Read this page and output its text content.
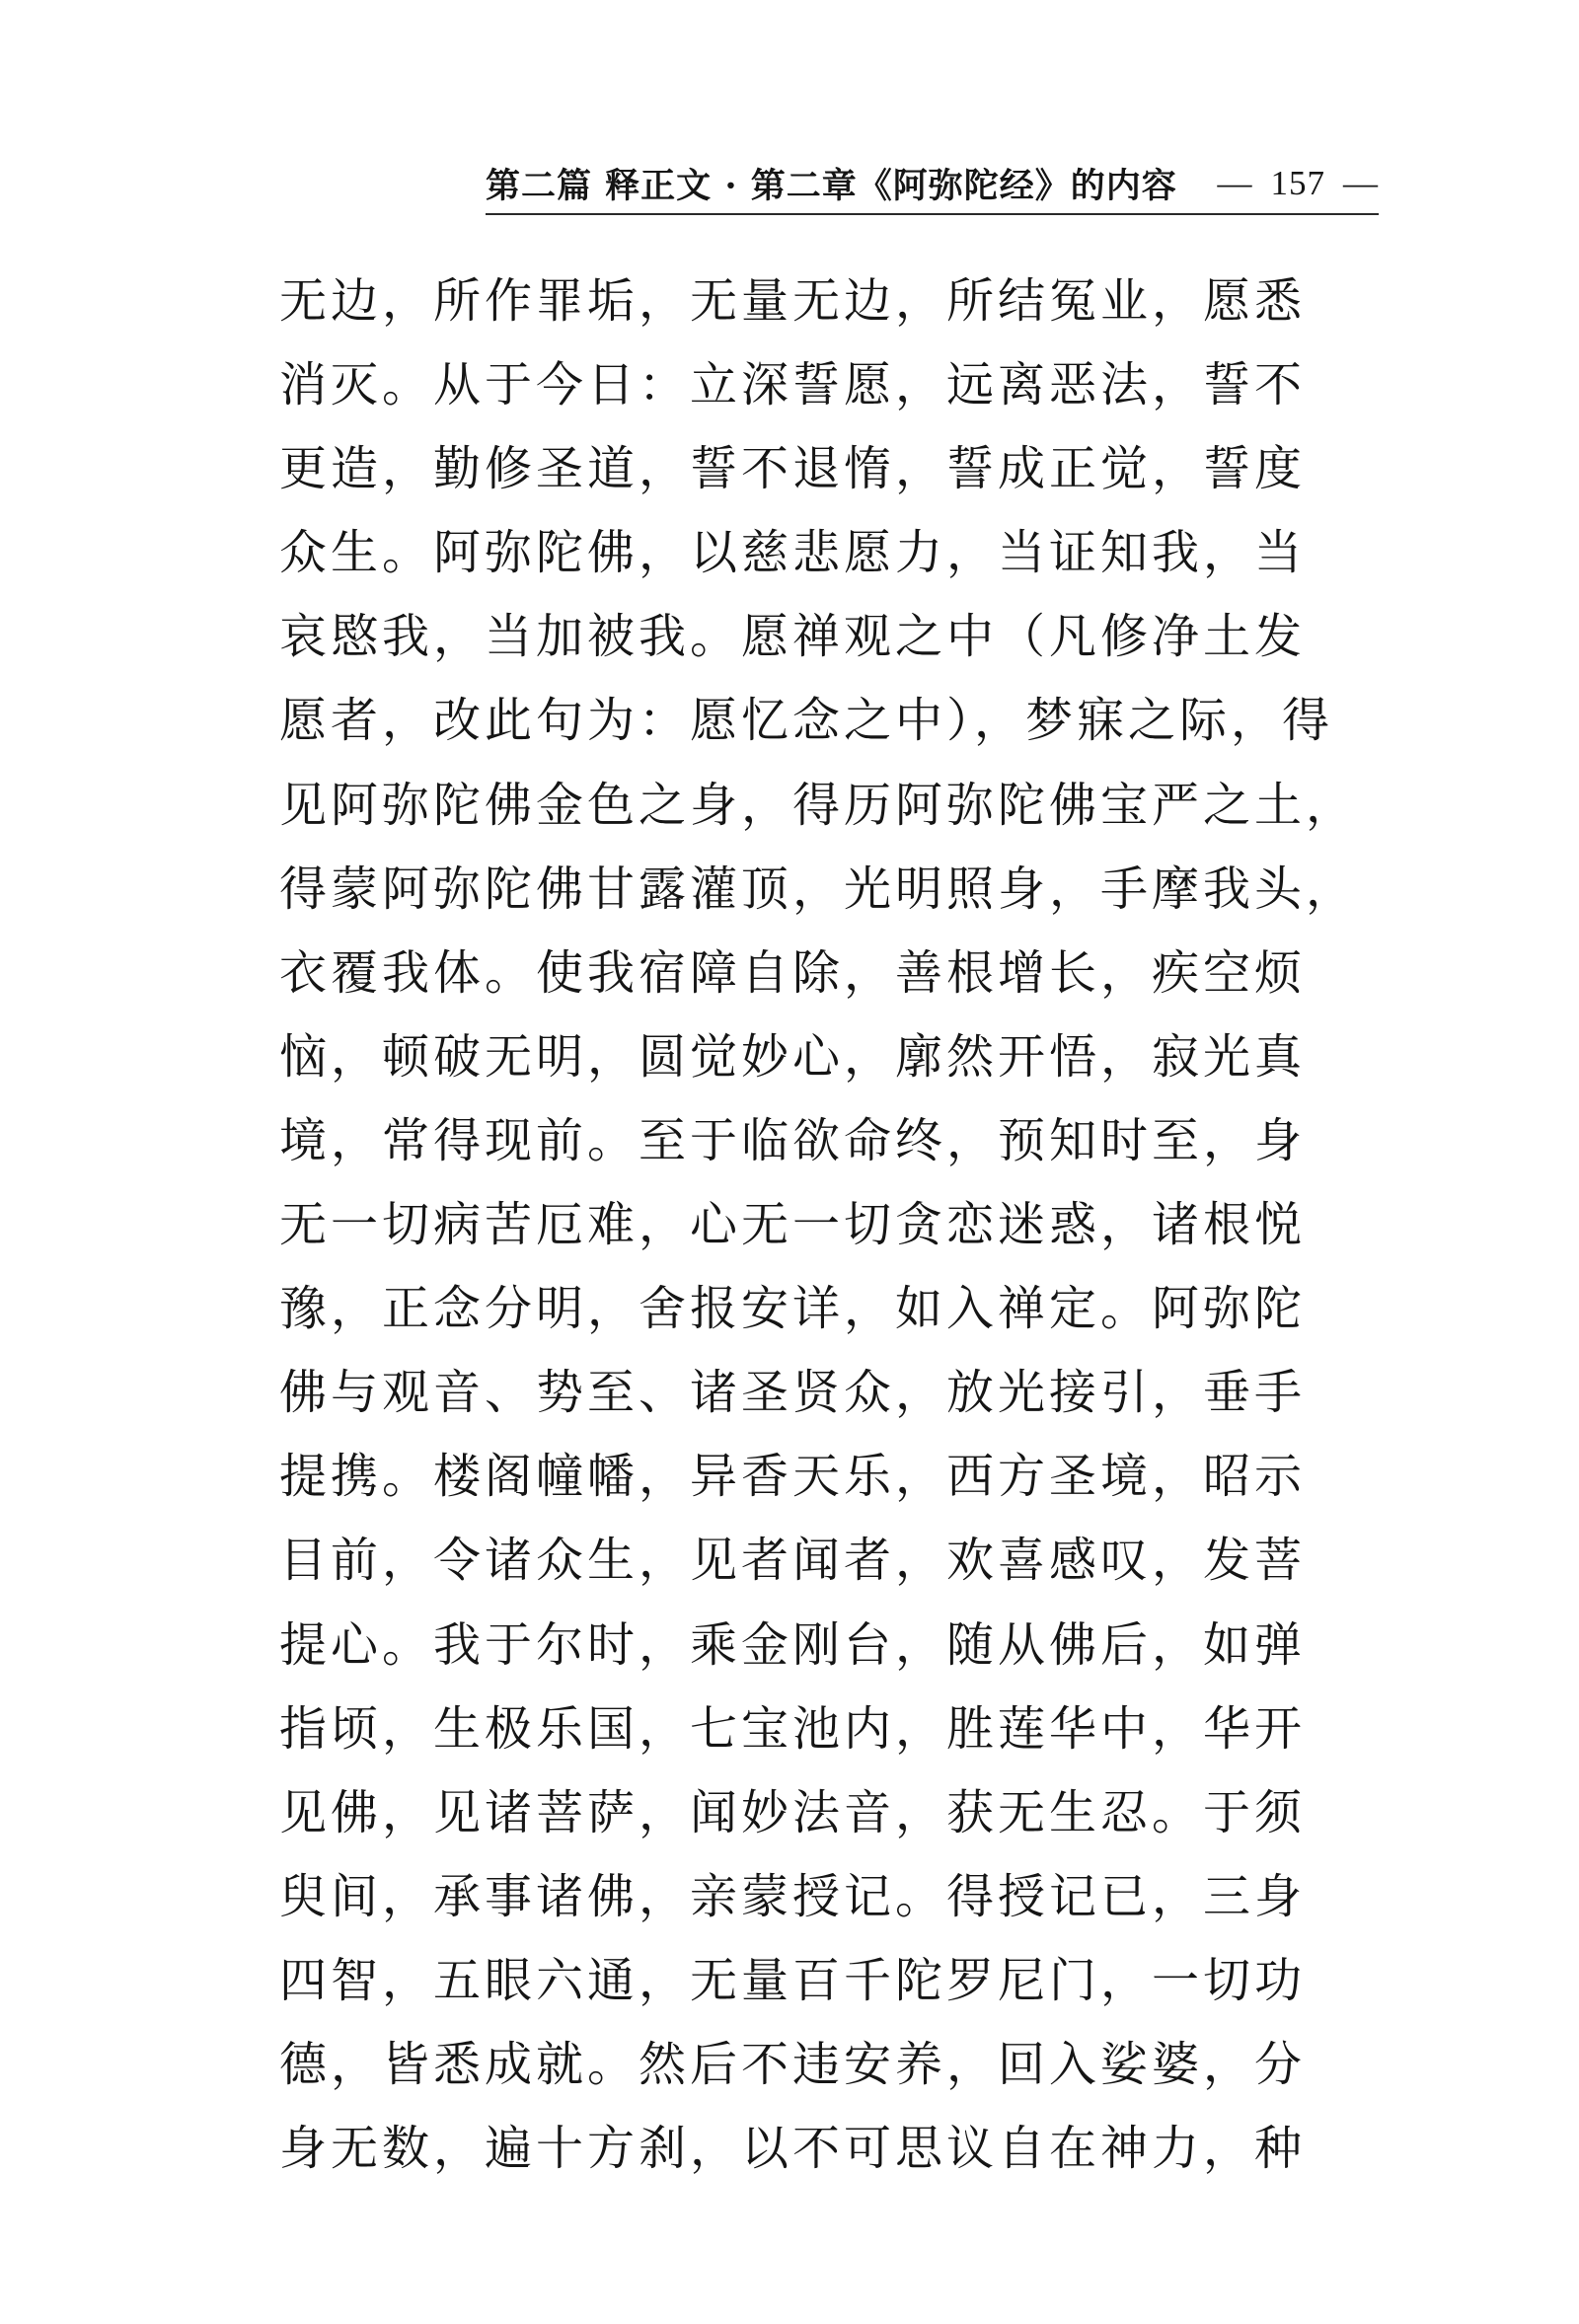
第二篇 释正文 · 第二章《阿弥陀经》的内容 — 157 —
无边，所作罪垢，无量无边，所结冤业，愿悉
消灭。从于今日：立深誓愿，远离恶法，誓不
更造，勤修圣道，誓不退惰，誓成正觉，誓度
众生。阿弥陀佛，以慈悲愿力，当证知我，当
哀愍我，当加被我。愿禅观之中（凡修净土发
愿者，改此句为：愿忆念之中），梦寐之际，得
见阿弥陀佛金色之身，得历阿弥陀佛宝严之土，
得蒙阿弥陀佛甘露灌顶，光明照身，手摩我头，
衣覆我体。使我宿障自除，善根增长，疾空烦
恼，顿破无明，圆觉妙心，廓然开悟，寂光真
境，常得现前。至于临欲命终，预知时至，身
无一切病苦厄难，心无一切贪恋迷惑，诸根悦
豫，正念分明，舍报安详，如入禅定。阿弥陀
佛与观音、势至、诸圣贤众，放光接引，垂手
提携。楼阁幢幡，异香天乐，西方圣境，昭示
目前，令诸众生，见者闻者，欢喜感叹，发菩
提心。我于尔时，乘金刚台，随从佛后，如弹
指顷，生极乐国，七宝池内，胜莲华中，华开
见佛，见诸菩萨，闻妙法音，获无生忍。于须
臾间，承事诸佛，亲蒙授记。得授记已，三身
四智，五眼六通，无量百千陀罗尼门，一切功
德，皆悉成就。然后不违安养，回入娑婆，分
身无数，遍十方刹，以不可思议自在神力，种
